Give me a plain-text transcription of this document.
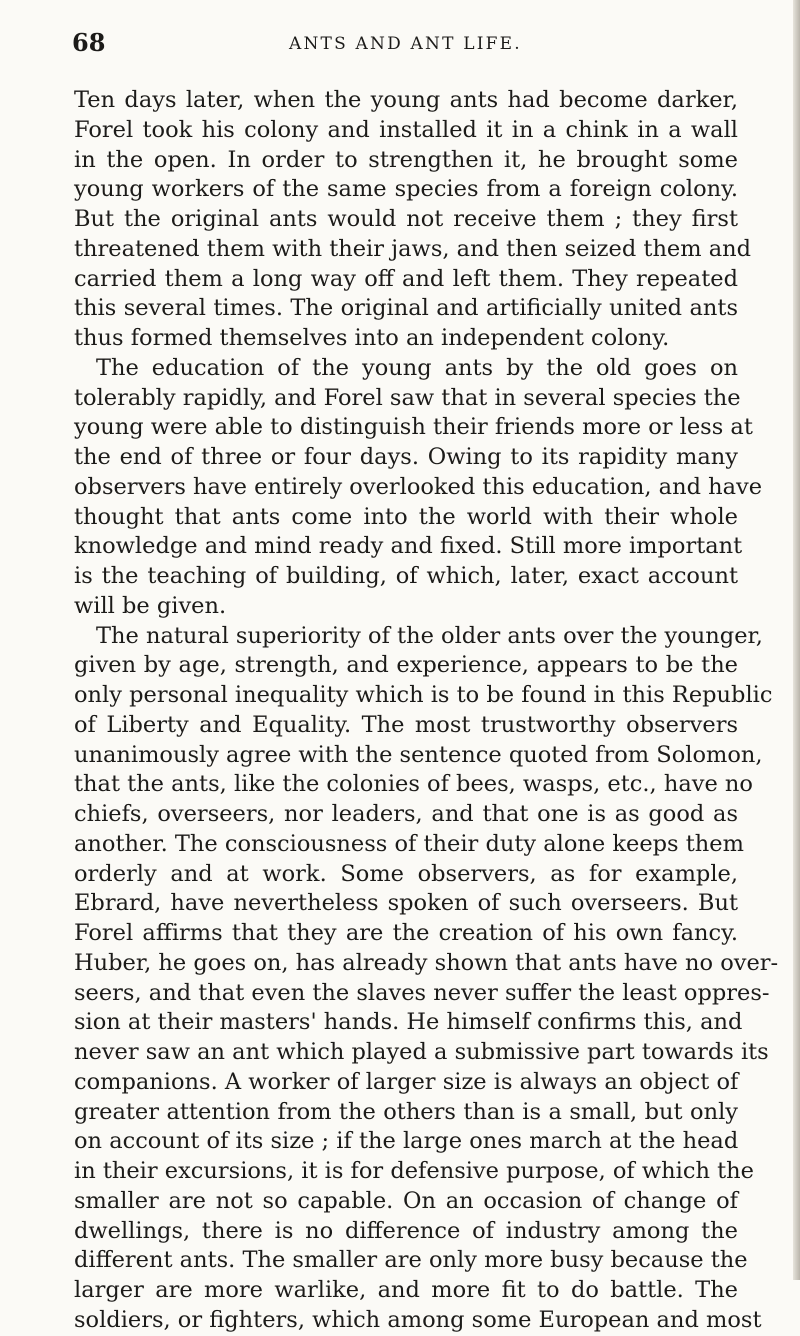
68	ANTS AND ANT LIFE.
Ten days later, when the young ants had become darker,
Forel took his colony and installed it in a chink in a wall
in the open. In order to strengthen it, he brought some
young workers of the same species from a foreign colony.
But the original ants would not receive them ; they first
threatened them with their jaws, and then seized them and
carried them a long way off and left them. They repeated
this several times. The original and artificially united ants
thus formed themselves into an independent colony.
The education of the young ants by the old goes on
tolerably rapidly, and Forel saw that in several species the
young were able to distinguish their friends more or less at
the end of three or four days. Owing to its rapidity many
observers have entirely overlooked this education, and have
thought that ants come into the world with their whole
knowledge and mind ready and fixed. Still more important
is the teaching of building, of which, later, exact account
will be given.
The natural superiority of the older ants over the younger,
given by age, strength, and experience, appears to be the
only personal inequality which is to be found in this Republic
of Liberty and Equality. The most trustworthy observers
unanimously agree with the sentence quoted from Solomon,
that the ants, like the colonies of bees, wasps, etc., have no
chiefs, overseers, nor leaders, and that one is as good as
another. The consciousness of their duty alone keeps them
orderly and at work. Some observers, as for example,
Ebrard, have nevertheless spoken of such overseers. But
Forel affirms that they are the creation of his own fancy.
Huber, he goes on, has already shown that ants have no over-
seers, and that even the slaves never suffer the least oppres-
sion at their masters' hands. He himself confirms this, and
never saw an ant which played a submissive part towards its
companions. A worker of larger size is always an object of
greater attention from the others than is a small, but only
on account of its size ; if the large ones march at the head
in their excursions, it is for defensive purpose, of which the
smaller are not so capable. On an occasion of change of
dwellings, there is no difference of industry among the
different ants. The smaller are only more busy because the
larger are more warlike, and more fit to do battle. The
soldiers, or fighters, which among some European and most
